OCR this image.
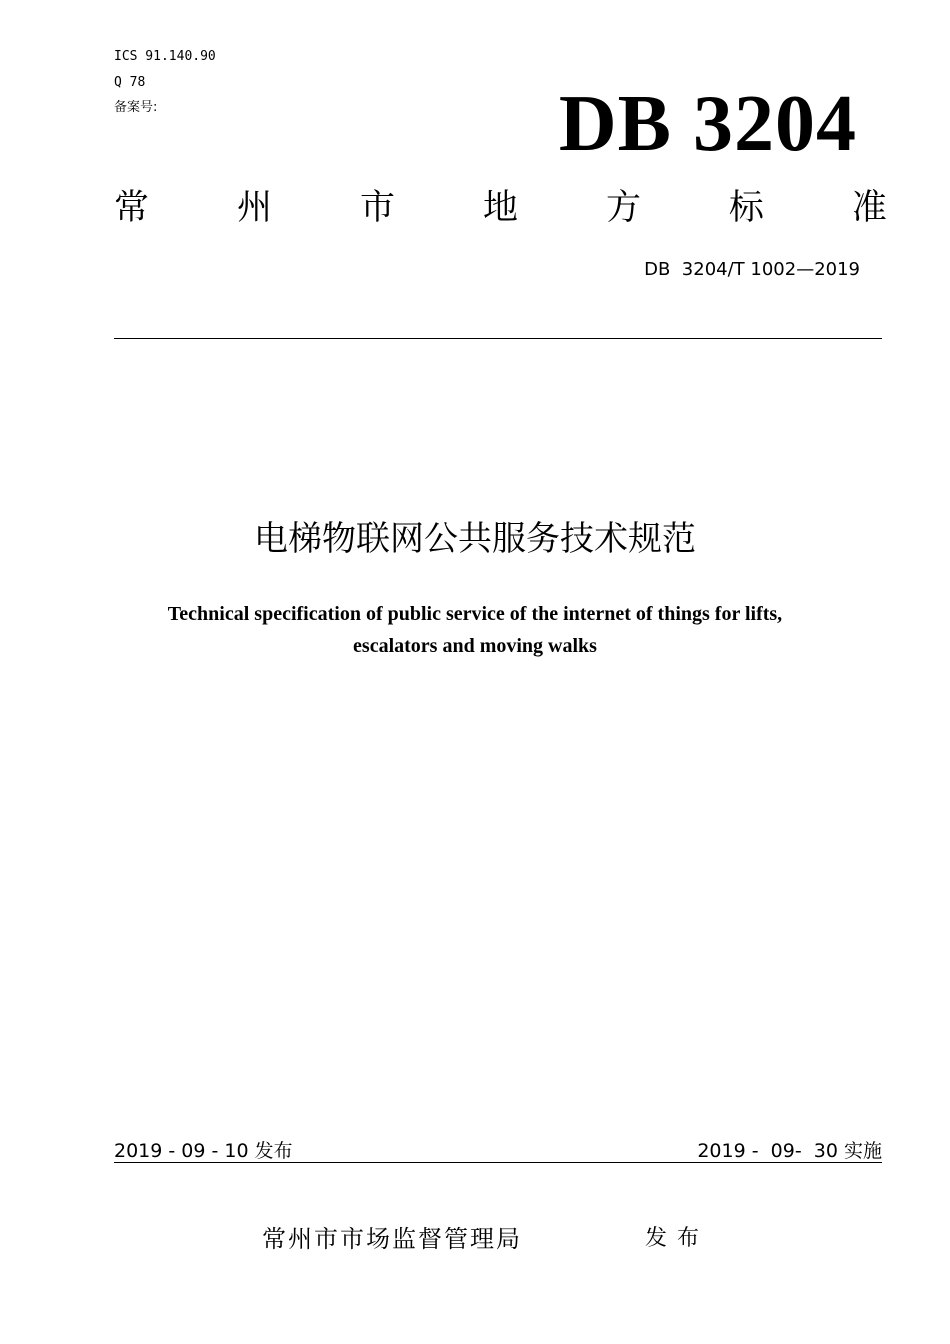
ICS 91.140.90
Q 78
备案号:	DB 3204
常	州	市	地	方	标	准
DB  3204/T 1002—2019
电梯物联网公共服务技术规范
Technical specification of public service of the internet of things for lifts,
escalators and moving walks
2019 - 09 - 10 发布	2019 -  09-  30 实施
常州市市场监督管理局	发布
